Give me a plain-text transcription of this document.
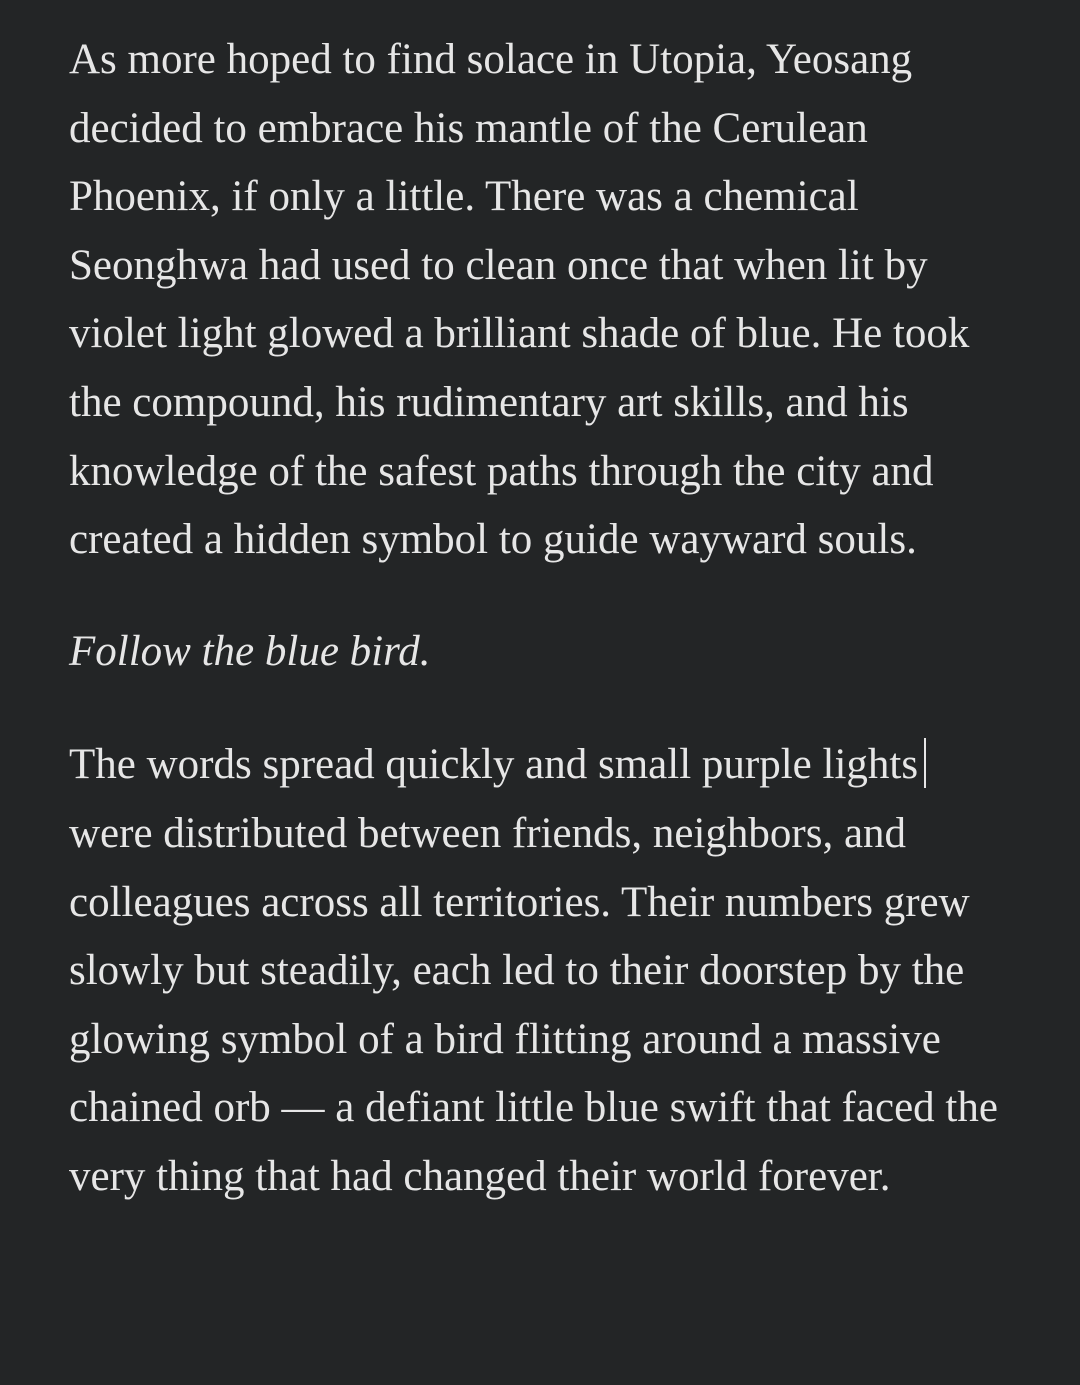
As more hoped to find solace in Utopia, Yeosang decided to embrace his mantle of the Cerulean Phoenix, if only a little. There was a chemical Seonghwa had used to clean once that when lit by violet light glowed a brilliant shade of blue. He took the compound, his rudimentary art skills, and his knowledge of the safest paths through the city and created a hidden symbol to guide wayward souls.

Follow the blue bird.

The words spread quickly and small purple lights
were distributed between friends, neighbors, and colleagues across all territories. Their numbers grew slowly but steadily, each led to their doorstep by the glowing symbol of a bird flitting around a massive chained orb — a defiant little blue swift that faced the very thing that had changed their world forever.
